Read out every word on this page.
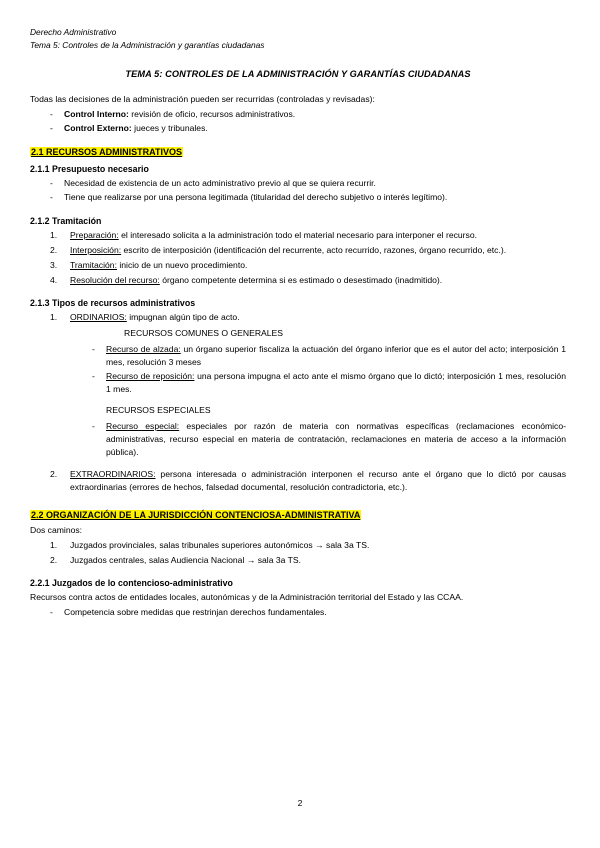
Derecho Administrativo
Tema 5: Controles de la Administración y garantías ciudadanas
TEMA 5: CONTROLES DE LA ADMINISTRACIÓN Y GARANTÍAS CIUDADANAS

Todas las decisiones de la administración pueden ser recurridas (controladas y revisadas):

- Control Interno: revisión de oficio, recursos administrativos.
- Control Externo: jueces y tribunales.
2.1 RECURSOS ADMINISTRATIVOS
2.1.1 Presupuesto necesario
- Necesidad de existencia de un acto administrativo previo al que se quiera recurrir.
- Tiene que realizarse por una persona legitimada (titularidad del derecho subjetivo o interés legítimo).
2.1.2 Tramitación
Preparación: el interesado solicita a la administración todo el material necesario para interponer el recurso.
Interposición: escrito de interposición (identificación del recurrente, acto recurrido, razones, órgano recurrido, etc.).
Tramitación: inicio de un nuevo procedimiento.
Resolución del recurso: órgano competente determina si es estimado o desestimado (inadmitido).
2.1.3 Tipos de recursos administrativos
ORDINARIOS: impugnan algún tipo de acto.
RECURSOS COMUNES O GENERALES
- Recurso de alzada: un órgano superior fiscaliza la actuación del órgano inferior que es el autor del acto; interposición 1 mes, resolución 3 meses
- Recurso de reposición: una persona impugna el acto ante el mismo órgano que lo dictó; interposición 1 mes, resolución 1 mes.
RECURSOS ESPECIALES
- Recurso especial: especiales por razón de materia con normativas específicas (reclamaciones económico-administrativas, recurso especial en materia de contratación, reclamaciones en materia de acceso a la información pública).
EXTRAORDINARIOS: persona interesada o administración interponen el recurso ante el órgano que lo dictó por causas extraordinarias (errores de hechos, falsedad documental, resolución contradictoria, etc.).
2.2 ORGANIZACIÓN DE LA JURISDICCIÓN CONTENCIOSA-ADMINISTRATIVA

Dos caminos:

Juzgados provinciales, salas tribunales superiores autonómicos → sala 3a TS.
Juzgados centrales, salas Audiencia Nacional → sala 3a TS.
2.2.1 Juzgados de lo contencioso-administrativo

Recursos contra actos de entidades locales, autonómicas y de la Administración territorial del Estado y las CCAA.

- Competencia sobre medidas que restrinjan derechos fundamentales.
2
